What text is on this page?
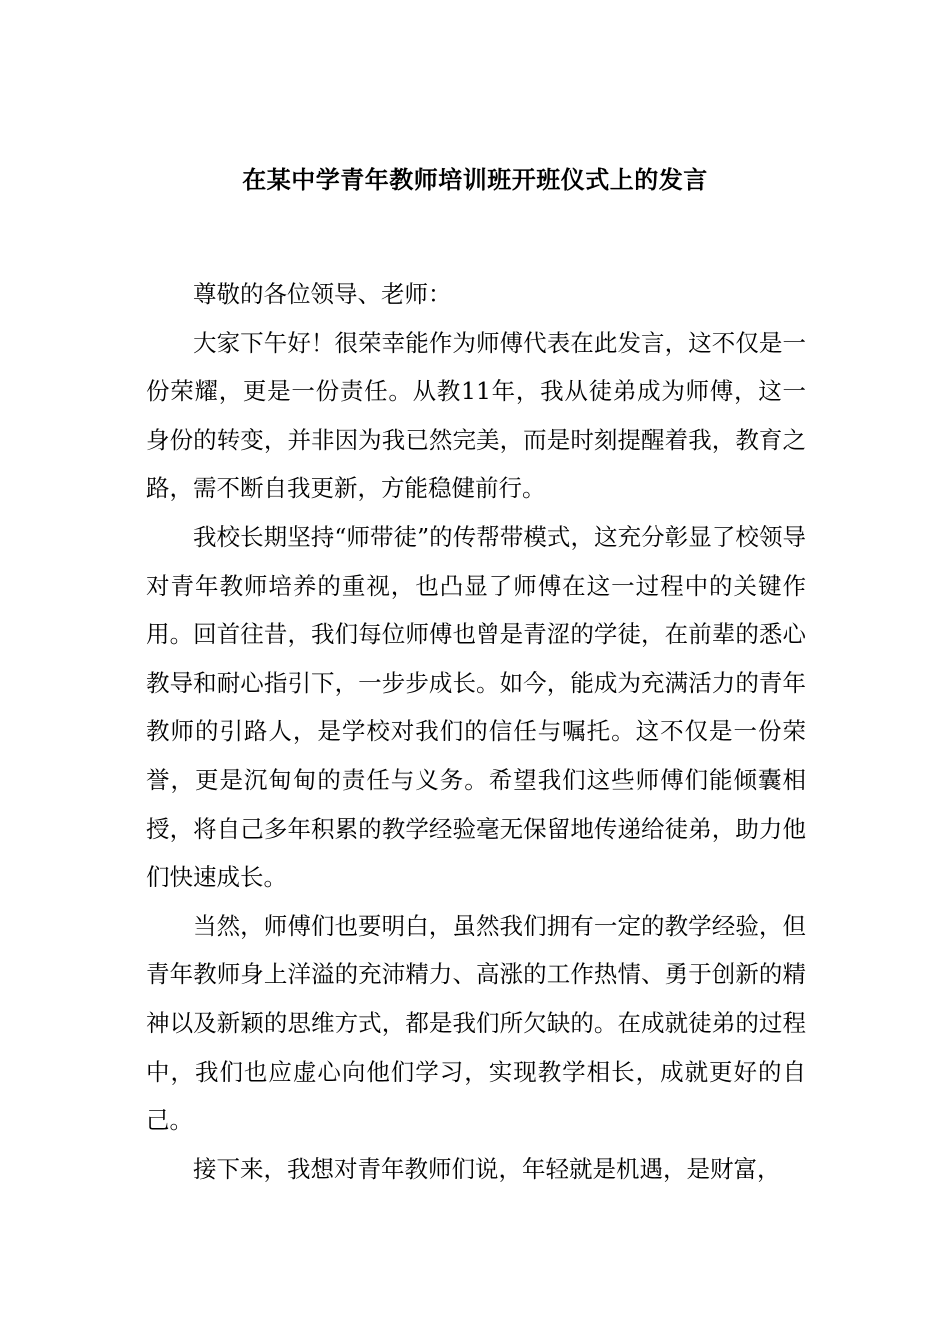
在某中学青年教师培训班开班仪式上的发言

尊敬的各位领导、老师：

大家下午好！很荣幸能作为师傅代表在此发言，这不仅是一份荣耀，更是一份责任。从教11年，我从徒弟成为师傅，这一身份的转变，并非因为我已然完美，而是时刻提醒着我，教育之路，需不断自我更新，方能稳健前行。

我校长期坚持“师带徒”的传帮带模式，这充分彰显了校领导对青年教师培养的重视，也凸显了师傅在这一过程中的关键作用。回首往昔，我们每位师傅也曾是青涩的学徒，在前辈的悉心教导和耐心指引下，一步步成长。如今，能成为充满活力的青年教师的引路人，是学校对我们的信任与嘱托。这不仅是一份荣誉，更是沉甸甸的责任与义务。希望我们这些师傅们能倾囊相授，将自己多年积累的教学经验毫无保留地传递给徒弟，助力他们快速成长。

当然，师傅们也要明白，虽然我们拥有一定的教学经验，但青年教师身上洋溢的充沛精力、高涨的工作热情、勇于创新的精神以及新颖的思维方式，都是我们所欠缺的。在成就徒弟的过程中，我们也应虚心向他们学习，实现教学相长，成就更好的自己。

接下来，我想对青年教师们说，年轻就是机遇，是财富，
